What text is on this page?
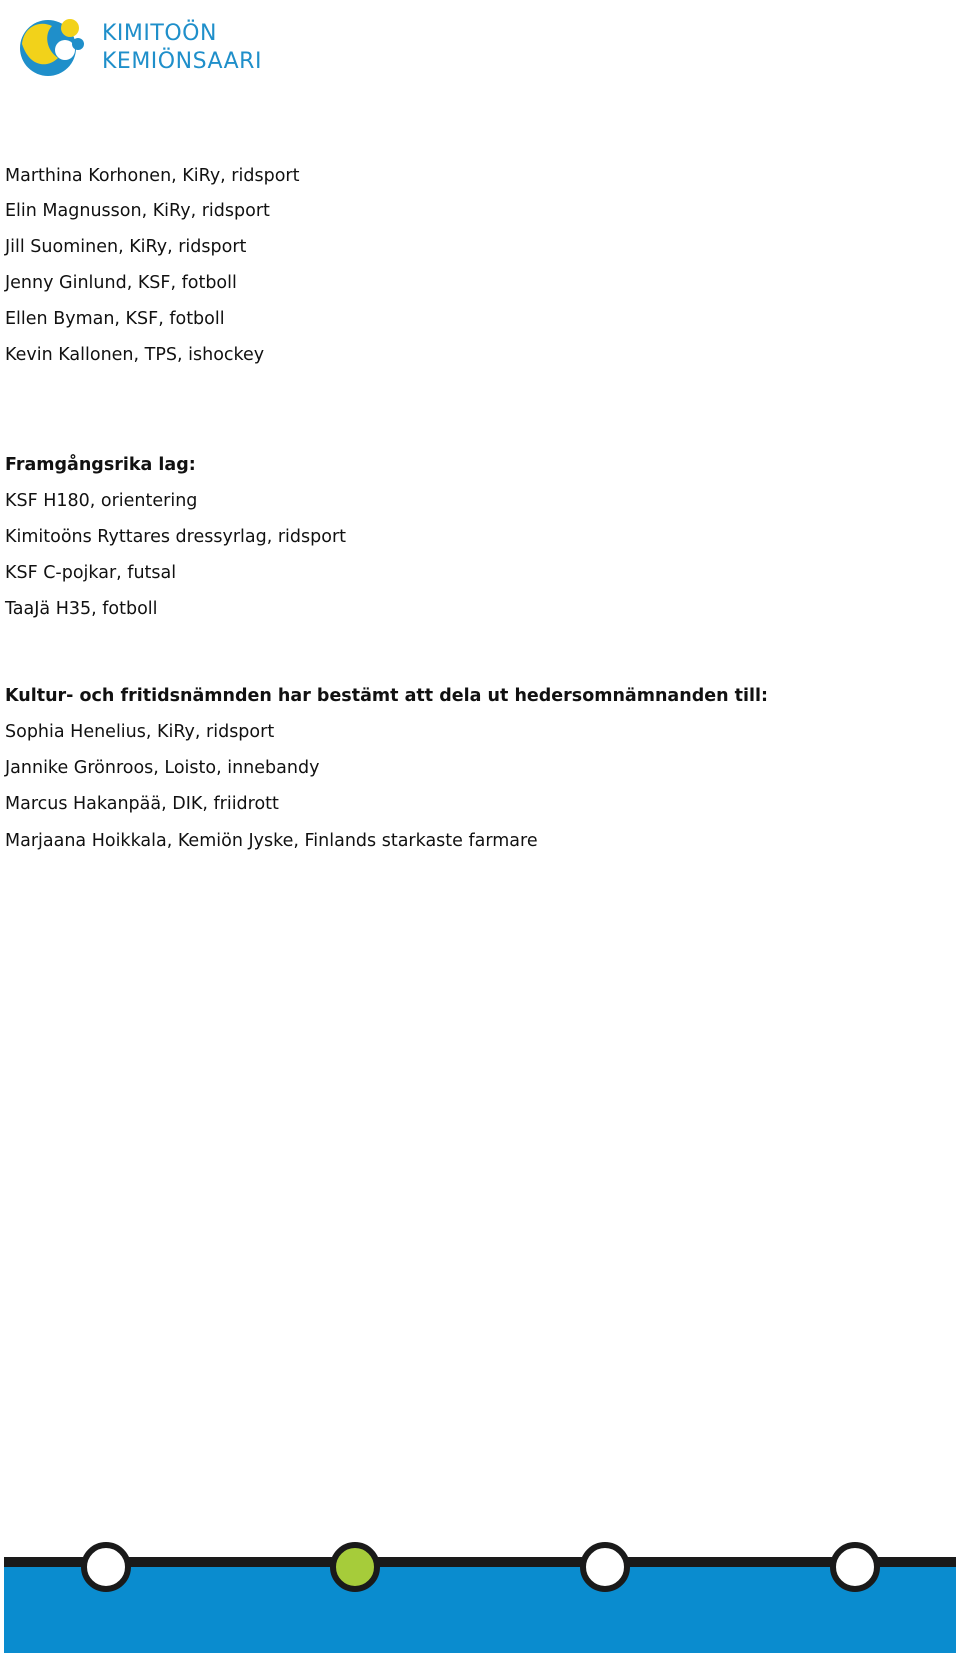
KIMITOÖN
KEMIÖNSAARI

Marthina Korhonen, KiRy, ridsport

Elin Magnusson, KiRy, ridsport

Jill Suominen, KiRy, ridsport

Jenny Ginlund, KSF, fotboll

Ellen Byman, KSF, fotboll

Kevin Kallonen, TPS, ishockey

Framgångsrika lag:

KSF H180, orientering

Kimitoöns Ryttares dressyrlag, ridsport

KSF C-pojkar, futsal

TaaJä H35, fotboll

Kultur- och fritidsnämnden har bestämt att dela ut hedersomnämnanden till:

Sophia Henelius, KiRy, ridsport

Jannike Grönroos, Loisto, innebandy

Marcus Hakanpää, DIK, friidrott

Marjaana Hoikkala, Kemiön Jyske, Finlands starkaste farmare
